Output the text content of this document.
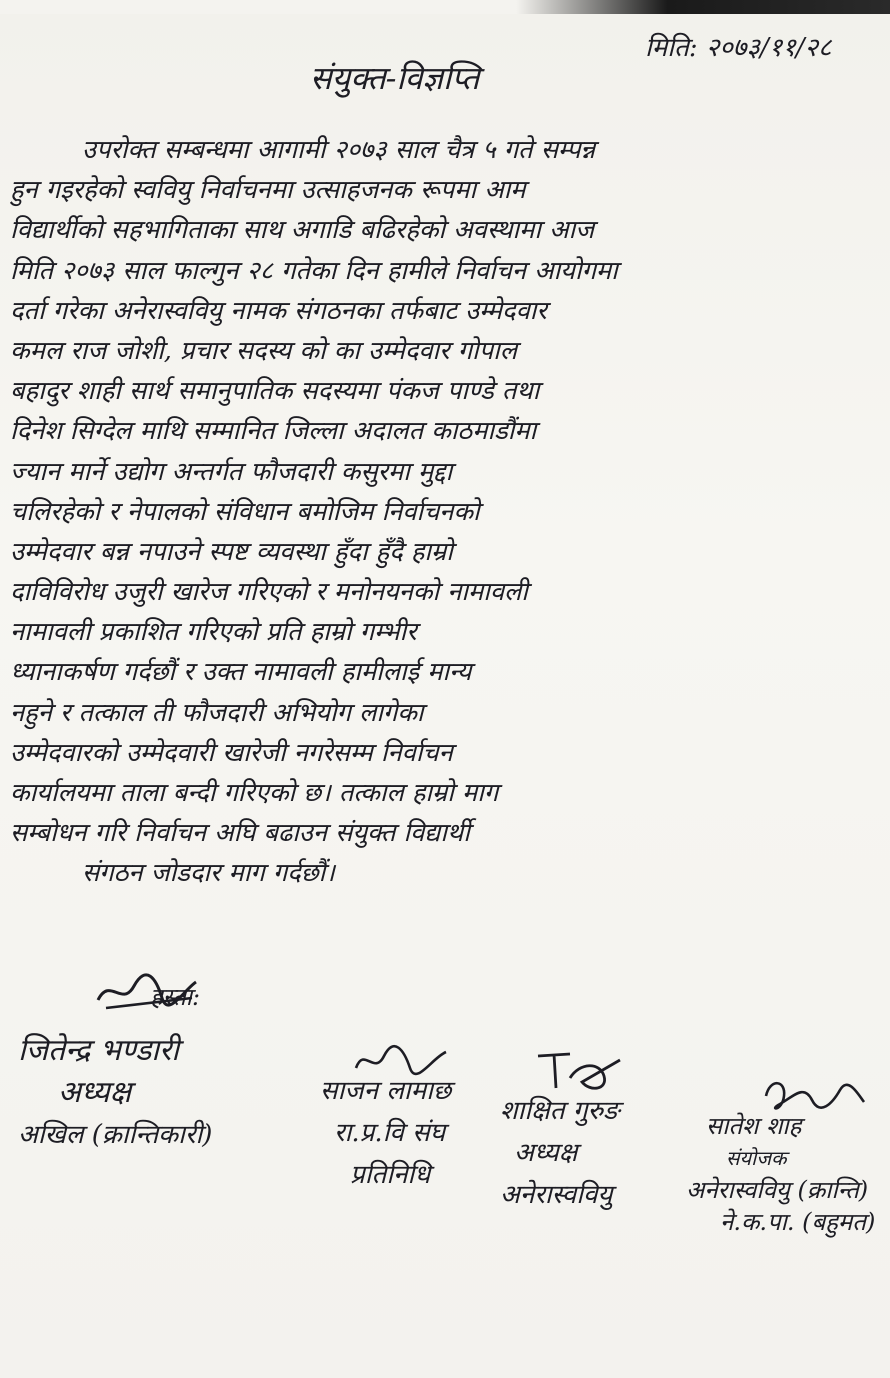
मिति: २०७३/११/२८
संयुक्त-विज्ञप्ति
उपरोक्त सम्बन्धमा आगामी २०७३ साल चैत्र ५ गते सम्पन्न
हुन गइरहेको स्ववियु निर्वाचनमा उत्साहजनक रूपमा आम
विद्यार्थीको सहभागिताका साथ अगाडि बढिरहेको अवस्थामा आज
मिति २०७३ साल फाल्गुन २८ गतेका दिन हामीले निर्वाचन आयोगमा
दर्ता गरेका अनेरास्ववियु नामक संगठनका तर्फबाट उम्मेदवार
कमल राज जोशी, प्रचार सदस्य को का उम्मेदवार गोपाल
बहादुर शाही सार्थ समानुपातिक सदस्यमा पंकज पाण्डे तथा
दिनेश सिग्देल माथि सम्मानित जिल्ला अदालत काठमाडौंमा
ज्यान मार्ने उद्योग अन्तर्गत फौजदारी कसुरमा मुद्दा
चलिरहेको र नेपालको संविधान बमोजिम निर्वाचनको
उम्मेदवार बन्न नपाउने स्पष्ट व्यवस्था हुँदा हुँदै हाम्रो
दाविविरोध उजुरी खारेज गरिएको र मनोनयनको नामावली
नामावली प्रकाशित गरिएको प्रति हाम्रो गम्भीर
ध्यानाकर्षण गर्दछौं र उक्त नामावली हामीलाई मान्य
नहुने र तत्काल ती फौजदारी अभियोग लागेका
उम्मेदवारको उम्मेदवारी खारेजी नगरेसम्म निर्वाचन
कार्यालयमा ताला बन्दी गरिएको छ। तत्काल हाम्रो माग
सम्बोधन गरि निर्वाचन अघि बढाउन संयुक्त विद्यार्थी
संगठन जोडदार माग गर्दछौं।
हस्ता:
जितेन्द्र भण्डारी
अध्यक्ष
अखिल (क्रान्तिकारी)
साजन लामाछ
रा.प्र.वि संघ
प्रतिनिधि
शाक्षित गुरुङ
अध्यक्ष
अनेरास्ववियु
सातेश शाह
संयोजक
अनेरास्ववियु (क्रान्ति)
ने.क.पा. (बहुमत)
